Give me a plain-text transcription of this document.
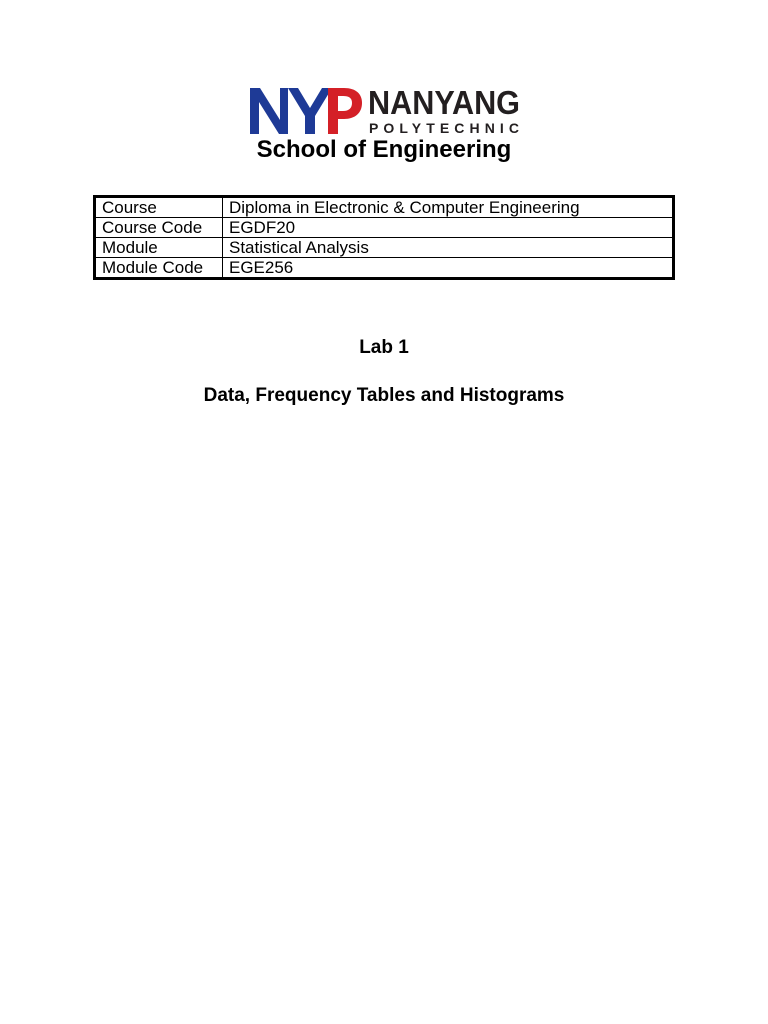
NANYANG
POLYTECHNIC
School of Engineering
Course	Diploma in Electronic & Computer Engineering
Course Code	EGDF20
Module	Statistical Analysis
Module Code	EGE256
Lab 1
Data, Frequency Tables and Histograms
